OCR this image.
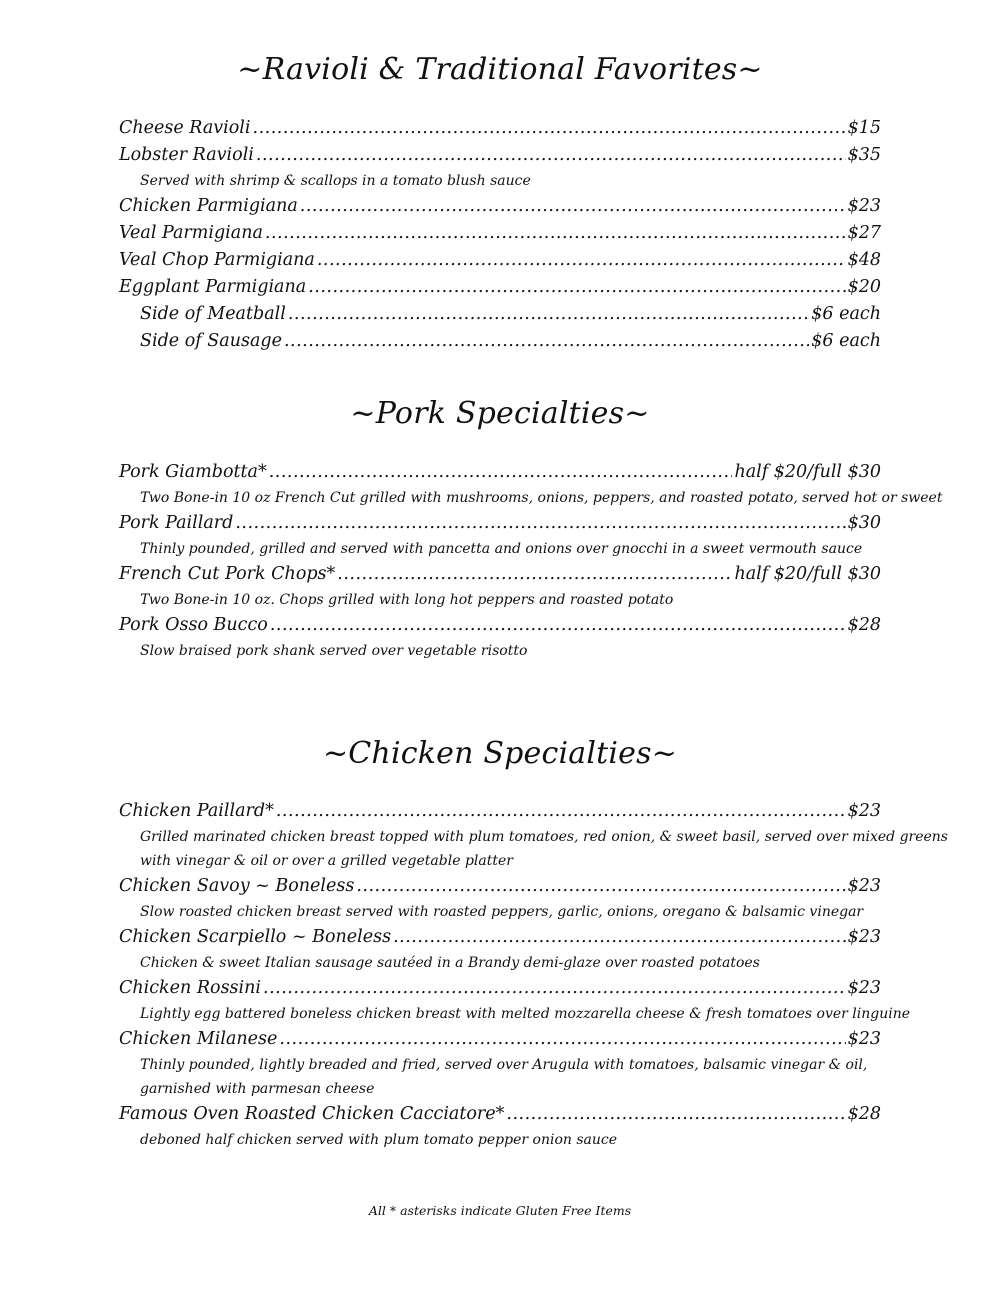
~Ravioli & Traditional Favorites~
Cheese Ravioli .....	$15
Lobster Ravioli .....	$35
Served with shrimp & scallops in a tomato blush sauce
Chicken Parmigiana .....	$23
Veal Parmigiana .....	$27
Veal Chop Parmigiana .....	$48
Eggplant Parmigiana .....	$20
Side of Meatball .....	$6 each
Side of Sausage .....	$6 each
~Pork Specialties~
Pork Giambotta* .....	half $20/full $30
Two Bone-in 10 oz French Cut grilled with mushrooms, onions, peppers, and roasted potato, served hot or sweet
Pork Paillard .....	$30
Thinly pounded, grilled and served with pancetta and onions over gnocchi in a sweet vermouth sauce
French Cut Pork Chops* .....	half $20/full $30
Two Bone-in 10 oz. Chops grilled with long hot peppers and roasted potato
Pork Osso Bucco .....	$28
Slow braised pork shank served over vegetable risotto
~Chicken Specialties~
Chicken Paillard* .....	$23
Grilled marinated chicken breast topped with plum tomatoes, red onion, & sweet basil, served over mixed greens
with vinegar & oil or over a grilled vegetable platter
Chicken Savoy ~ Boneless .....	$23
Slow roasted chicken breast served with roasted peppers, garlic, onions, oregano & balsamic vinegar
Chicken Scarpiello ~ Boneless .....	$23
Chicken & sweet Italian sausage sautéed in a Brandy demi-glaze over roasted potatoes
Chicken Rossini .....	$23
Lightly egg battered boneless chicken breast with melted mozzarella cheese & fresh tomatoes over linguine
Chicken Milanese .....	$23
Thinly pounded, lightly breaded and fried, served over Arugula with tomatoes, balsamic vinegar & oil,
garnished with parmesan cheese
Famous Oven Roasted Chicken Cacciatore* .....	$28
deboned half chicken served with plum tomato pepper onion sauce
All * asterisks indicate Gluten Free Items
